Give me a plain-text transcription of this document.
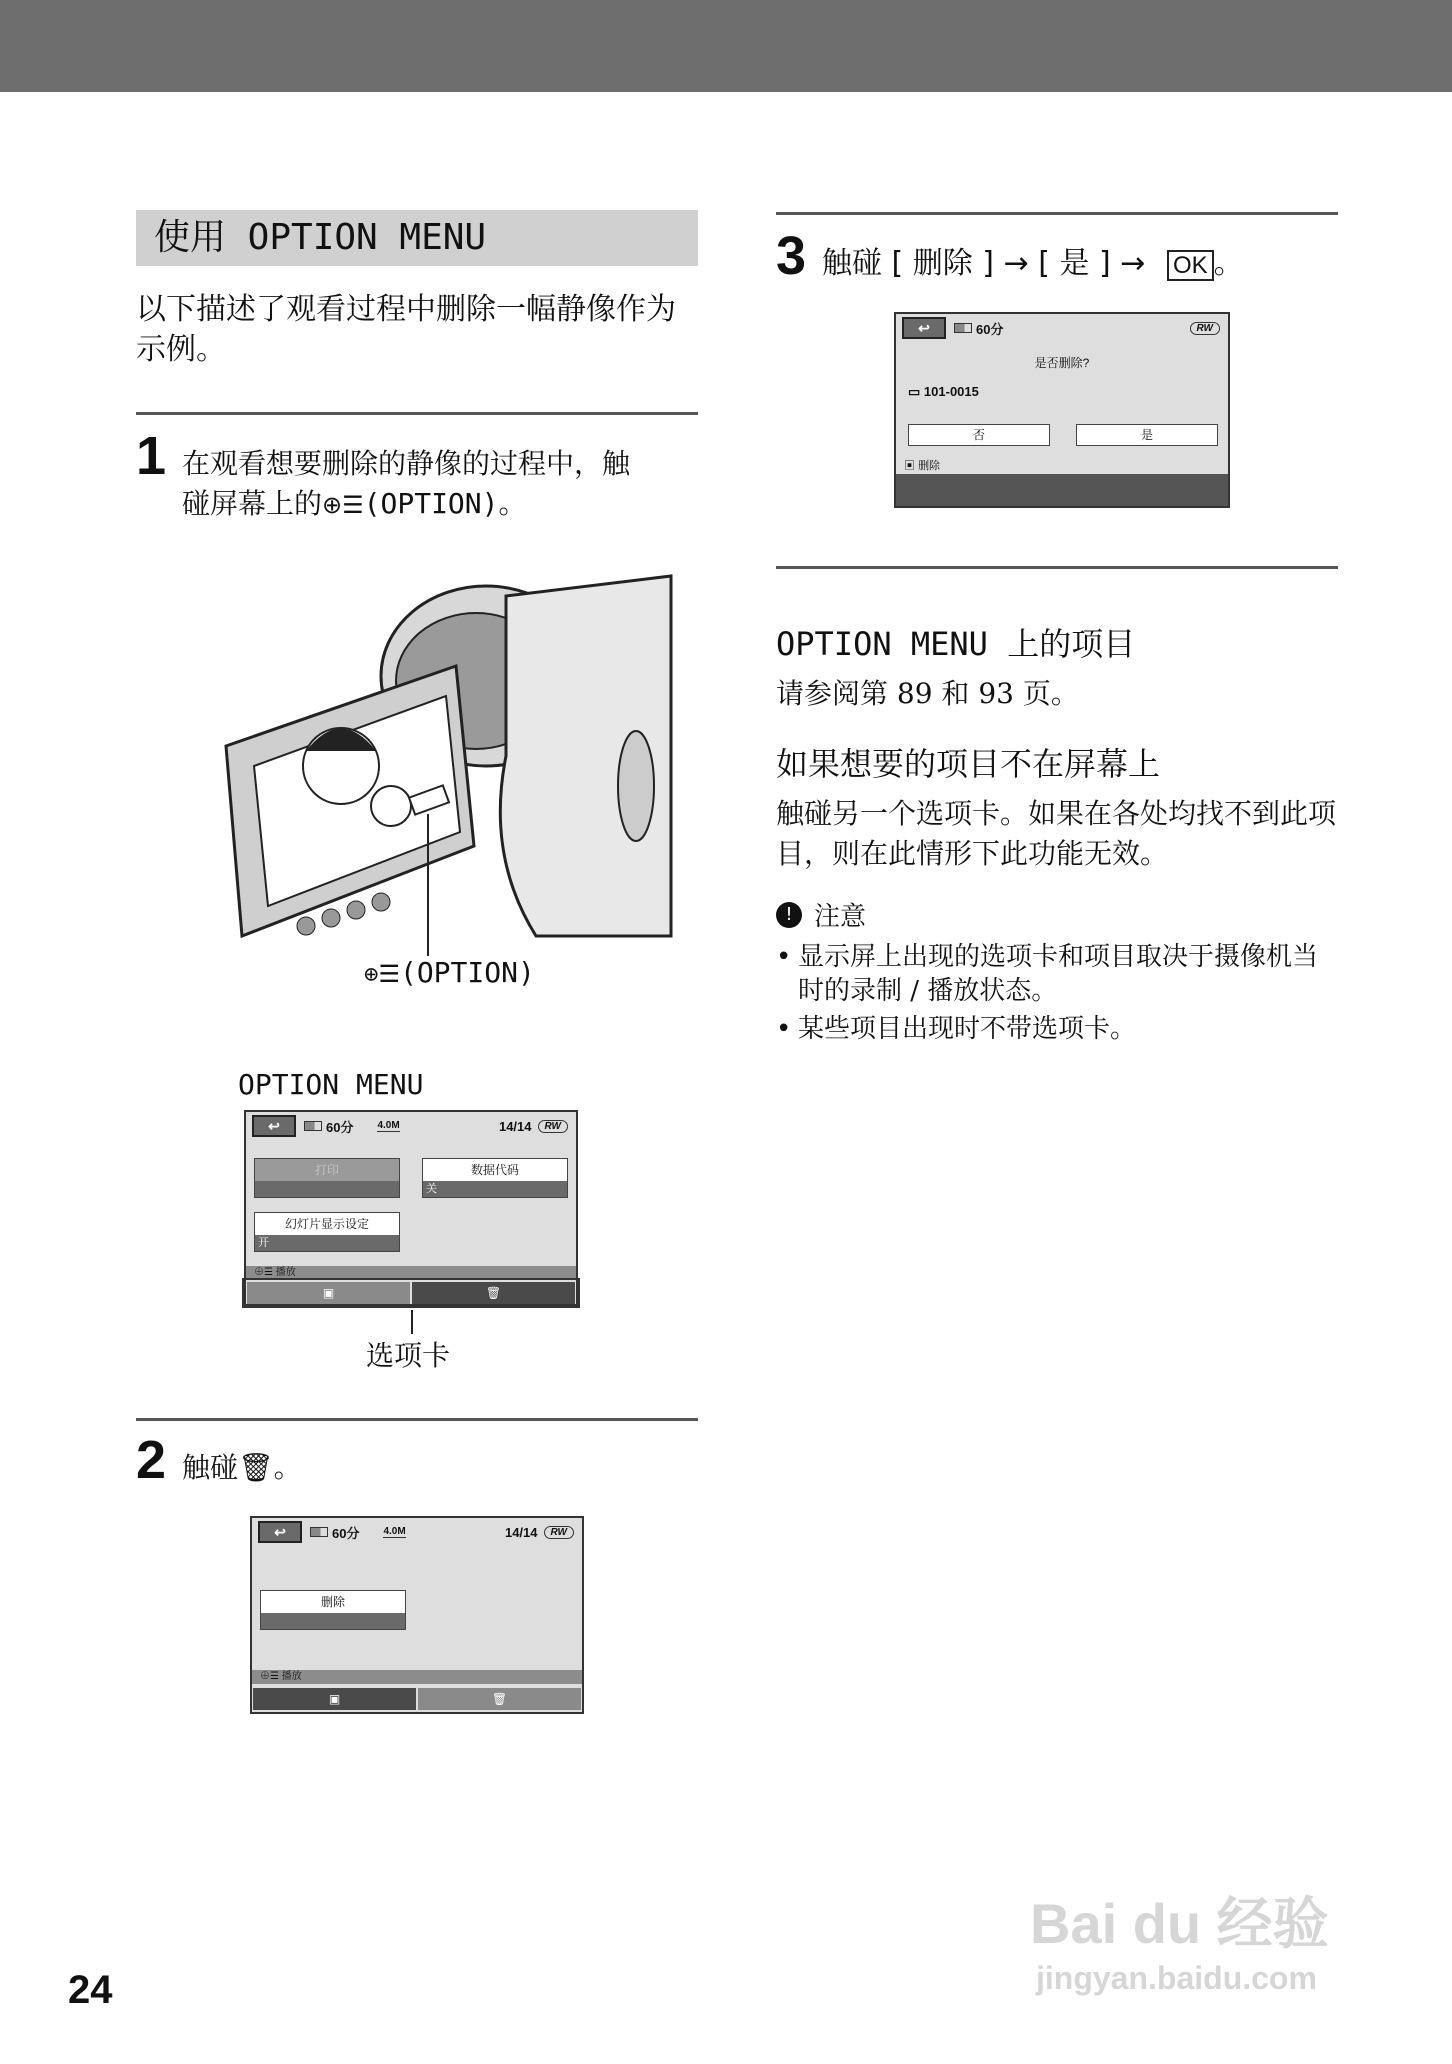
使用 OPTION MENU
以下描述了观看过程中删除一幅静像作为示例。
1 在观看想要删除的静像的过程中，触
碰屏幕上的⊕☰(OPTION)。
⊕☰(OPTION)
OPTION MENU
↩	60分 4.0M	14/14	RW
打印	数据代码
关
幻灯片显示设定
开
⊕☰ 播放
▣	🗑
选项卡
2 触碰🗑。
↩	60分 4.0M	14/14	RW
删除
⊕☰ 播放
▣	🗑
3 触碰 [ 删除 ] → [ 是 ] → OK 。
↩	60分	RW
是否删除?
▭ 101-0015
否	是
▣ 删除
OPTION MENU 上的项目
请参阅第 89 和 93 页。
如果想要的项目不在屏幕上
触碰另一个选项卡。如果在各处均找不到此项目，则在此情形下此功能无效。
! 注意
• 显示屏上出现的选项卡和项目取决于摄像机当时的录制 / 播放状态。
• 某些项目出现时不带选项卡。
24
Bai du 经验
jingyan.baidu.com
